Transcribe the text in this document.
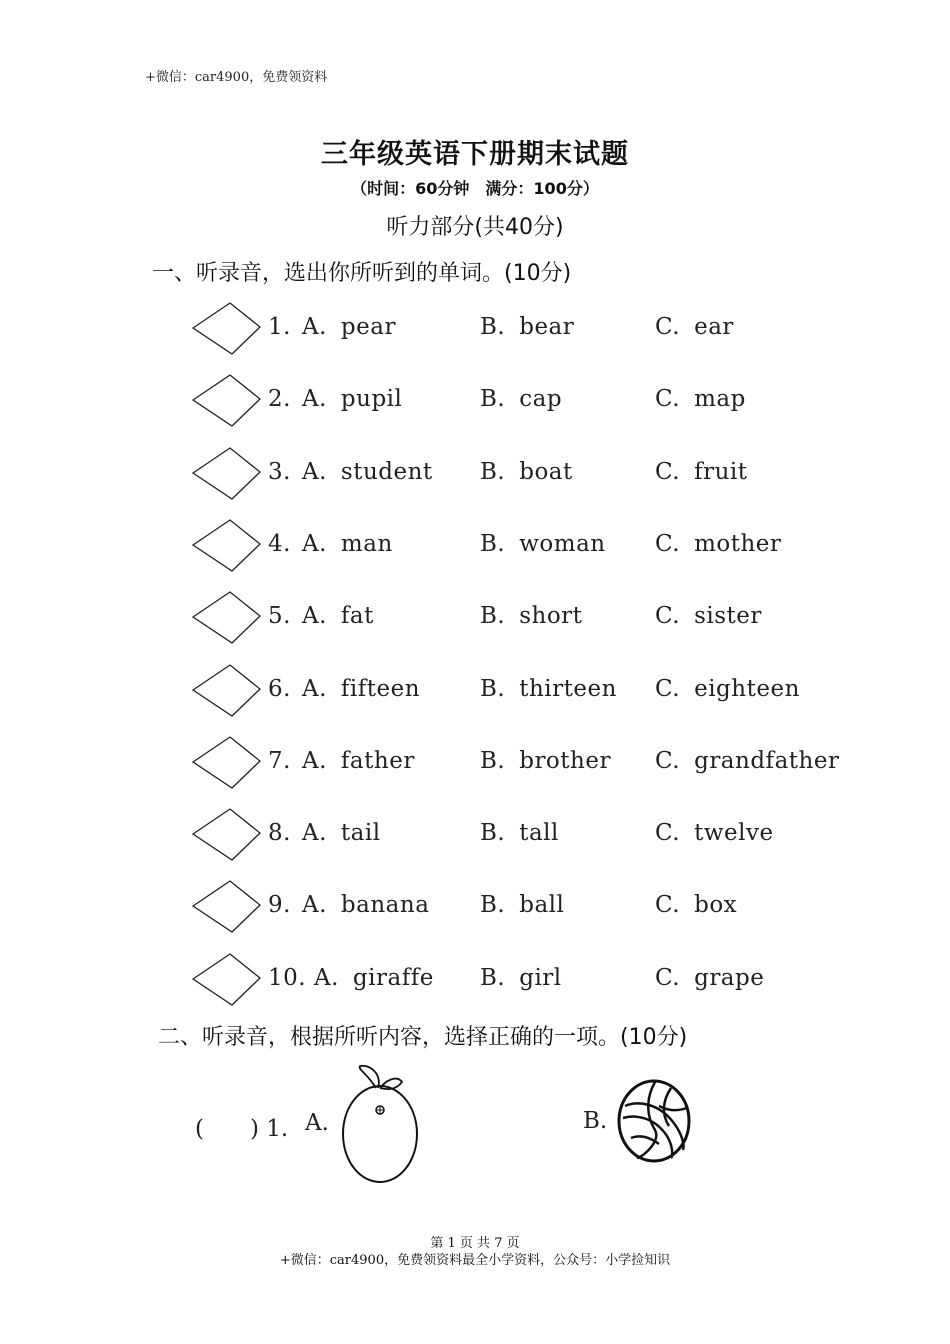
+微信：car4900，免费领资料
三年级英语下册期末试题
（时间：60分钟　满分：100分）
听力部分(共40分)
一、听录音，选出你所听到的单词。(10分)
1. A. pear	B. bear	C. ear
2. A. pupil	B. cap	C. map
3. A. student B. boat	C. fruit
4. A. man	B. woman C. mother
5. A. fat	B. short	C. sister
6. A. fifteen	B. thirteen C. eighteen
7. A. father	B. brother C. grandfather
8. A. tail	B. tall	C. twelve
9. A. banana B. ball	C. box
10. A. giraffe B. girl	C. grape
二、听录音，根据所听内容，选择正确的一项。(10分)
(　　) 1. A.	B.
第 1 页 共 7 页
+微信：car4900，免费领资料最全小学资料，公众号：小学捡知识
